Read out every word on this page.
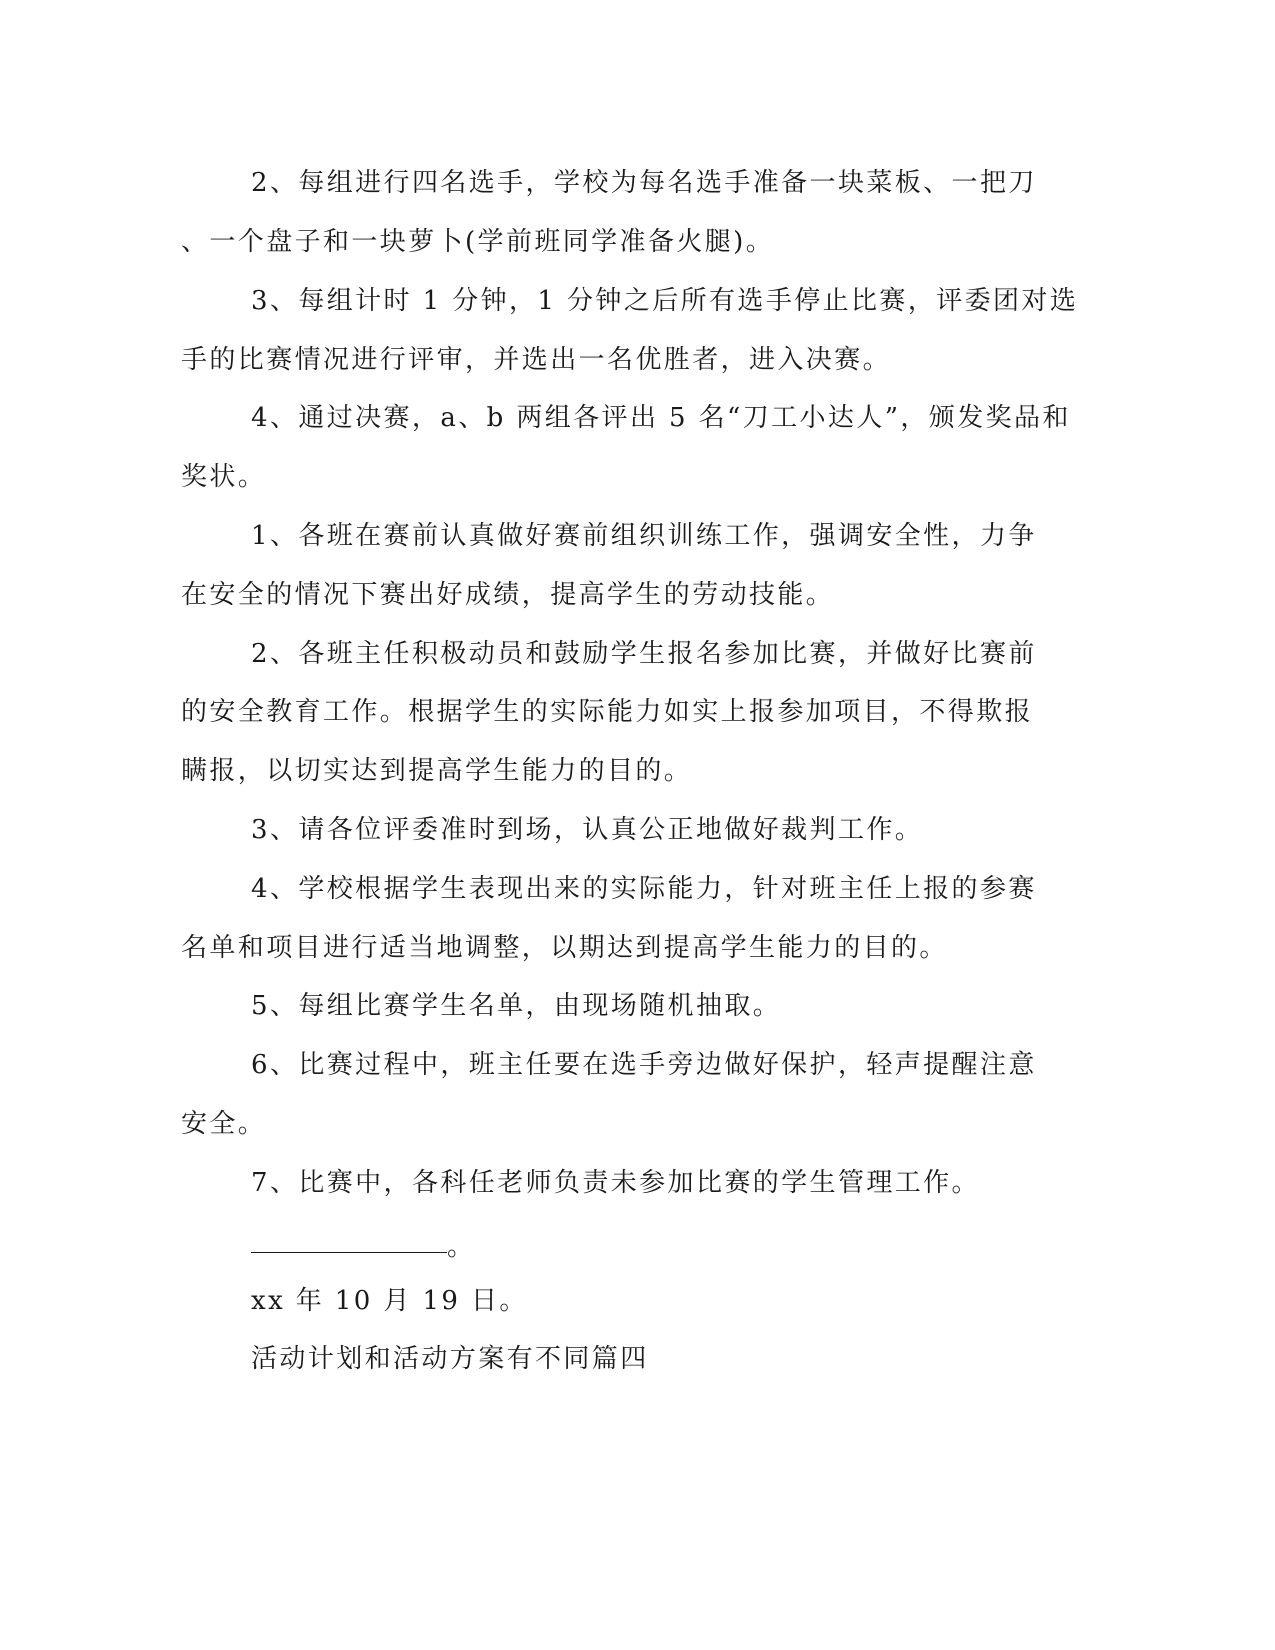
2、每组进行四名选手，学校为每名选手准备一块菜板、一把刀
、一个盘子和一块萝卜(学前班同学准备火腿)。
3、每组计时 1 分钟，1 分钟之后所有选手停止比赛，评委团对选
手的比赛情况进行评审，并选出一名优胜者，进入决赛。
4、通过决赛，a、b 两组各评出 5 名“刀工小达人”，颁发奖品和
奖状。
1、各班在赛前认真做好赛前组织训练工作，强调安全性，力争
在安全的情况下赛出好成绩，提高学生的劳动技能。
2、各班主任积极动员和鼓励学生报名参加比赛，并做好比赛前
的安全教育工作。根据学生的实际能力如实上报参加项目，不得欺报
瞒报，以切实达到提高学生能力的目的。
3、请各位评委准时到场，认真公正地做好裁判工作。
4、学校根据学生表现出来的实际能力，针对班主任上报的参赛
名单和项目进行适当地调整，以期达到提高学生能力的目的。
5、每组比赛学生名单，由现场随机抽取。
6、比赛过程中，班主任要在选手旁边做好保护，轻声提醒注意
安全。
7、比赛中，各科任老师负责未参加比赛的学生管理工作。
。
xx 年 10 月 19 日。
活动计划和活动方案有不同篇四
